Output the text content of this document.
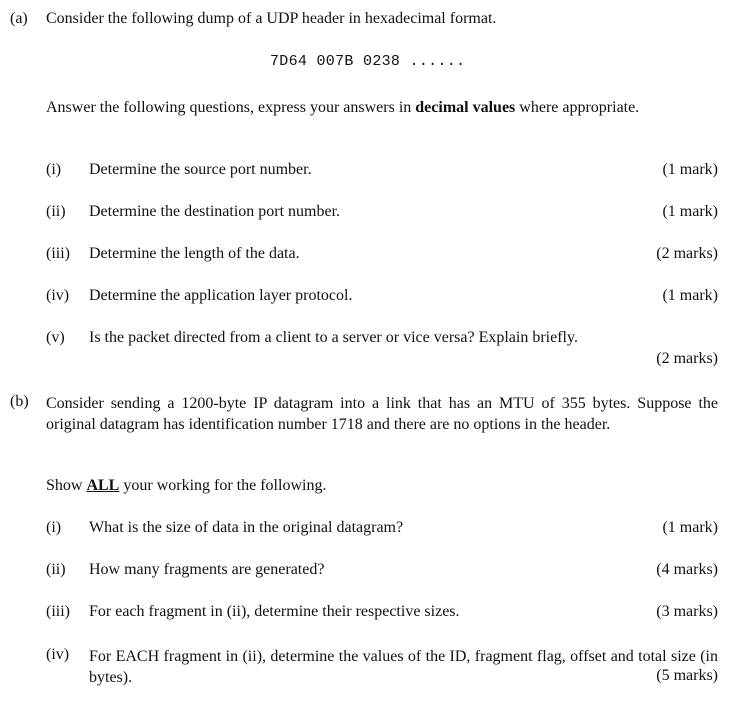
(a) Consider the following dump of a UDP header in hexadecimal format.
7D64 007B 0238 ......
Answer the following questions, express your answers in decimal values where appropriate.
(i) Determine the source port number.	(1 mark)
(ii) Determine the destination port number.	(1 mark)
(iii) Determine the length of the data.	(2 marks)
(iv) Determine the application layer protocol.	(1 mark)
(v) Is the packet directed from a client to a server or vice versa? Explain briefly.
(2 marks)
(b) Consider sending a 1200-byte IP datagram into a link that has an MTU of 355 bytes. Suppose the original datagram has identification number 1718 and there are no options in the header.
Show ALL your working for the following.
(i) What is the size of data in the original datagram?	(1 mark)
(ii) How many fragments are generated?	(4 marks)
(iii) For each fragment in (ii), determine their respective sizes.	(3 marks)
(iv) For EACH fragment in (ii), determine the values of the ID, fragment flag, offset and total size (in bytes).	(5 marks)
